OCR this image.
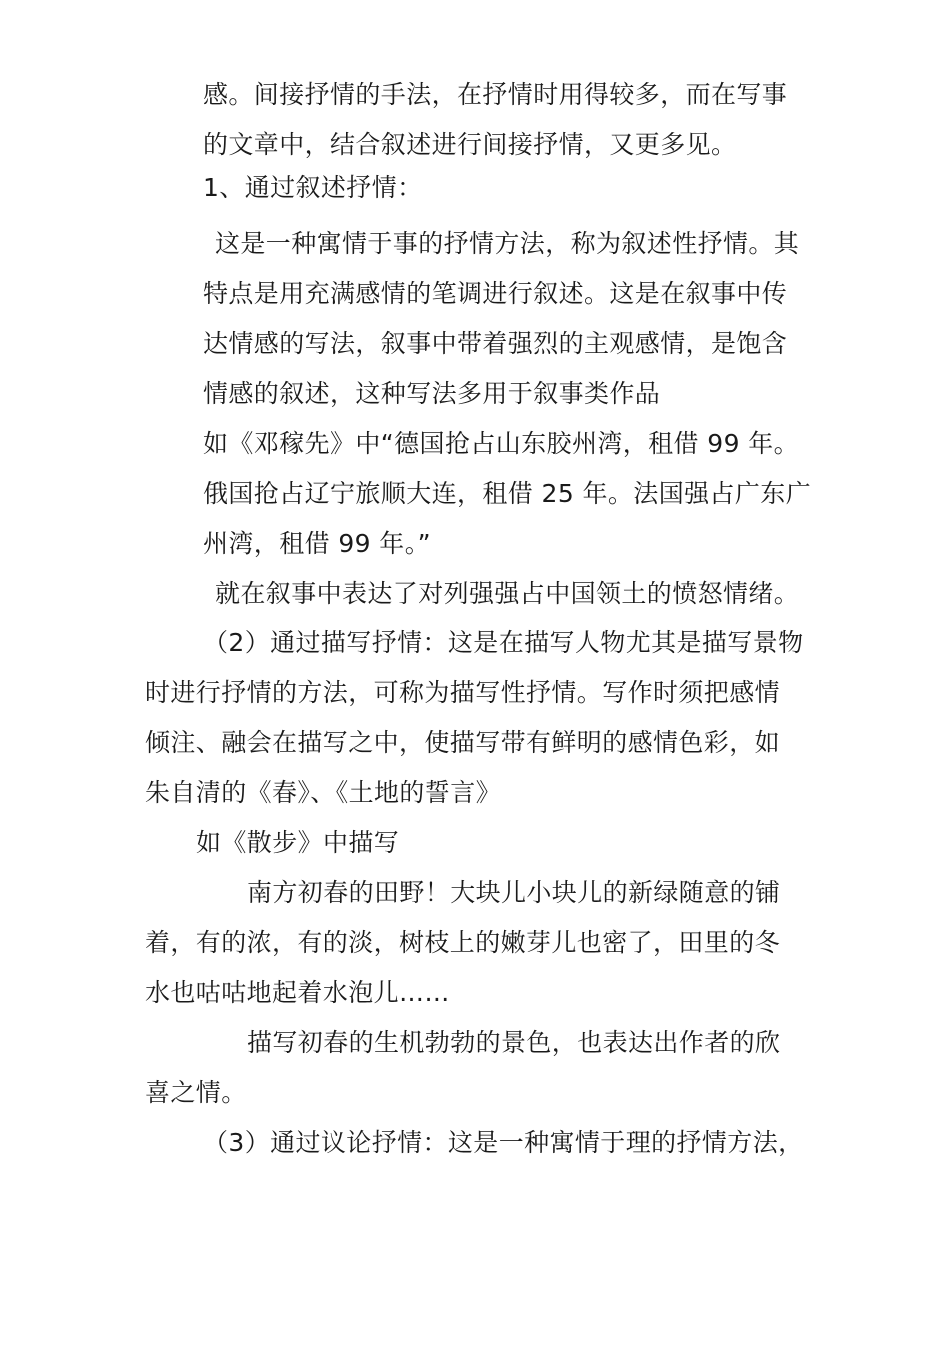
感。间接抒情的手法，在抒情时用得较多，而在写事
的文章中，结合叙述进行间接抒情，又更多见。
1、通过叙述抒情：
这是一种寓情于事的抒情方法，称为叙述性抒情。其
特点是用充满感情的笔调进行叙述。这是在叙事中传
达情感的写法，叙事中带着强烈的主观感情，是饱含
情感的叙述，这种写法多用于叙事类作品
如《邓稼先》中“德国抢占山东胶州湾，租借 99 年。
俄国抢占辽宁旅顺大连，租借 25 年。法国强占广东广
州湾，租借 99 年。”
就在叙事中表达了对列强强占中国领土的愤怒情绪。
（2）通过描写抒情：这是在描写人物尤其是描写景物
时进行抒情的方法，可称为描写性抒情。写作时须把感情
倾注、融会在描写之中，使描写带有鲜明的感情色彩，如
朱自清的《春》、《土地的誓言》
如《散步》中描写
南方初春的田野！大块儿小块儿的新绿随意的铺
着，有的浓，有的淡，树枝上的嫩芽儿也密了，田里的冬
水也咕咕地起着水泡儿……
描写初春的生机勃勃的景色，也表达出作者的欣
喜之情。
（3）通过议论抒情：这是一种寓情于理的抒情方法，
